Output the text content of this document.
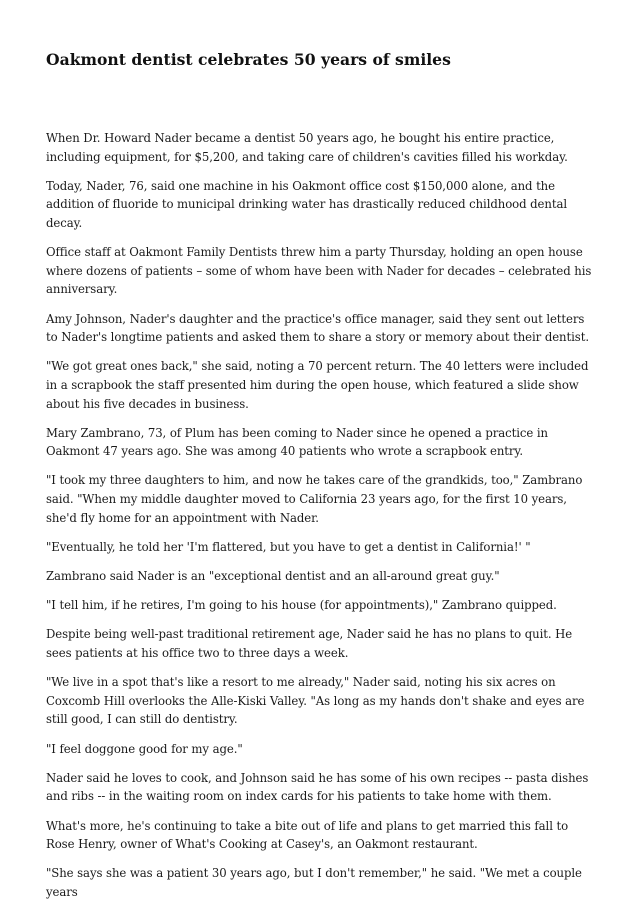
Oakmont dentist celebrates 50 years of smiles

When Dr. Howard Nader became a dentist 50 years ago, he bought his entire practice, including equipment, for $5,200, and taking care of children's cavities filled his workday.

Today, Nader, 76, said one machine in his Oakmont office cost $150,000 alone, and the addition of fluoride to municipal drinking water has drastically reduced childhood dental decay.

Office staff at Oakmont Family Dentists threw him a party Thursday, holding an open house where dozens of patients – some of whom have been with Nader for decades – celebrated his anniversary.

Amy Johnson, Nader's daughter and the practice's office manager, said they sent out letters to Nader's longtime patients and asked them to share a story or memory about their dentist.

"We got great ones back," she said, noting a 70 percent return. The 40 letters were included in a scrapbook the staff presented him during the open house, which featured a slide show about his five decades in business.

Mary Zambrano, 73, of Plum has been coming to Nader since he opened a practice in Oakmont 47 years ago. She was among 40 patients who wrote a scrapbook entry.

"I took my three daughters to him, and now he takes care of the grandkids, too," Zambrano said. "When my middle daughter moved to California 23 years ago, for the first 10 years, she'd fly home for an appointment with Nader.

"Eventually, he told her 'I'm flattered, but you have to get a dentist in California!' "

Zambrano said Nader is an "exceptional dentist and an all-around great guy."

"I tell him, if he retires, I'm going to his house (for appointments)," Zambrano quipped.

Despite being well-past traditional retirement age, Nader said he has no plans to quit. He sees patients at his office two to three days a week.

"We live in a spot that's like a resort to me already," Nader said, noting his six acres on Coxcomb Hill overlooks the Alle-Kiski Valley. "As long as my hands don't shake and eyes are still good, I can still do dentistry.

"I feel doggone good for my age."

Nader said he loves to cook, and Johnson said he has some of his own recipes -- pasta dishes and ribs -- in the waiting room on index cards for his patients to take home with them.

What's more, he's continuing to take a bite out of life and plans to get married this fall to Rose Henry, owner of What's Cooking at Casey's, an Oakmont restaurant.

"She says she was a patient 30 years ago, but I don't remember," he said. "We met a couple years
